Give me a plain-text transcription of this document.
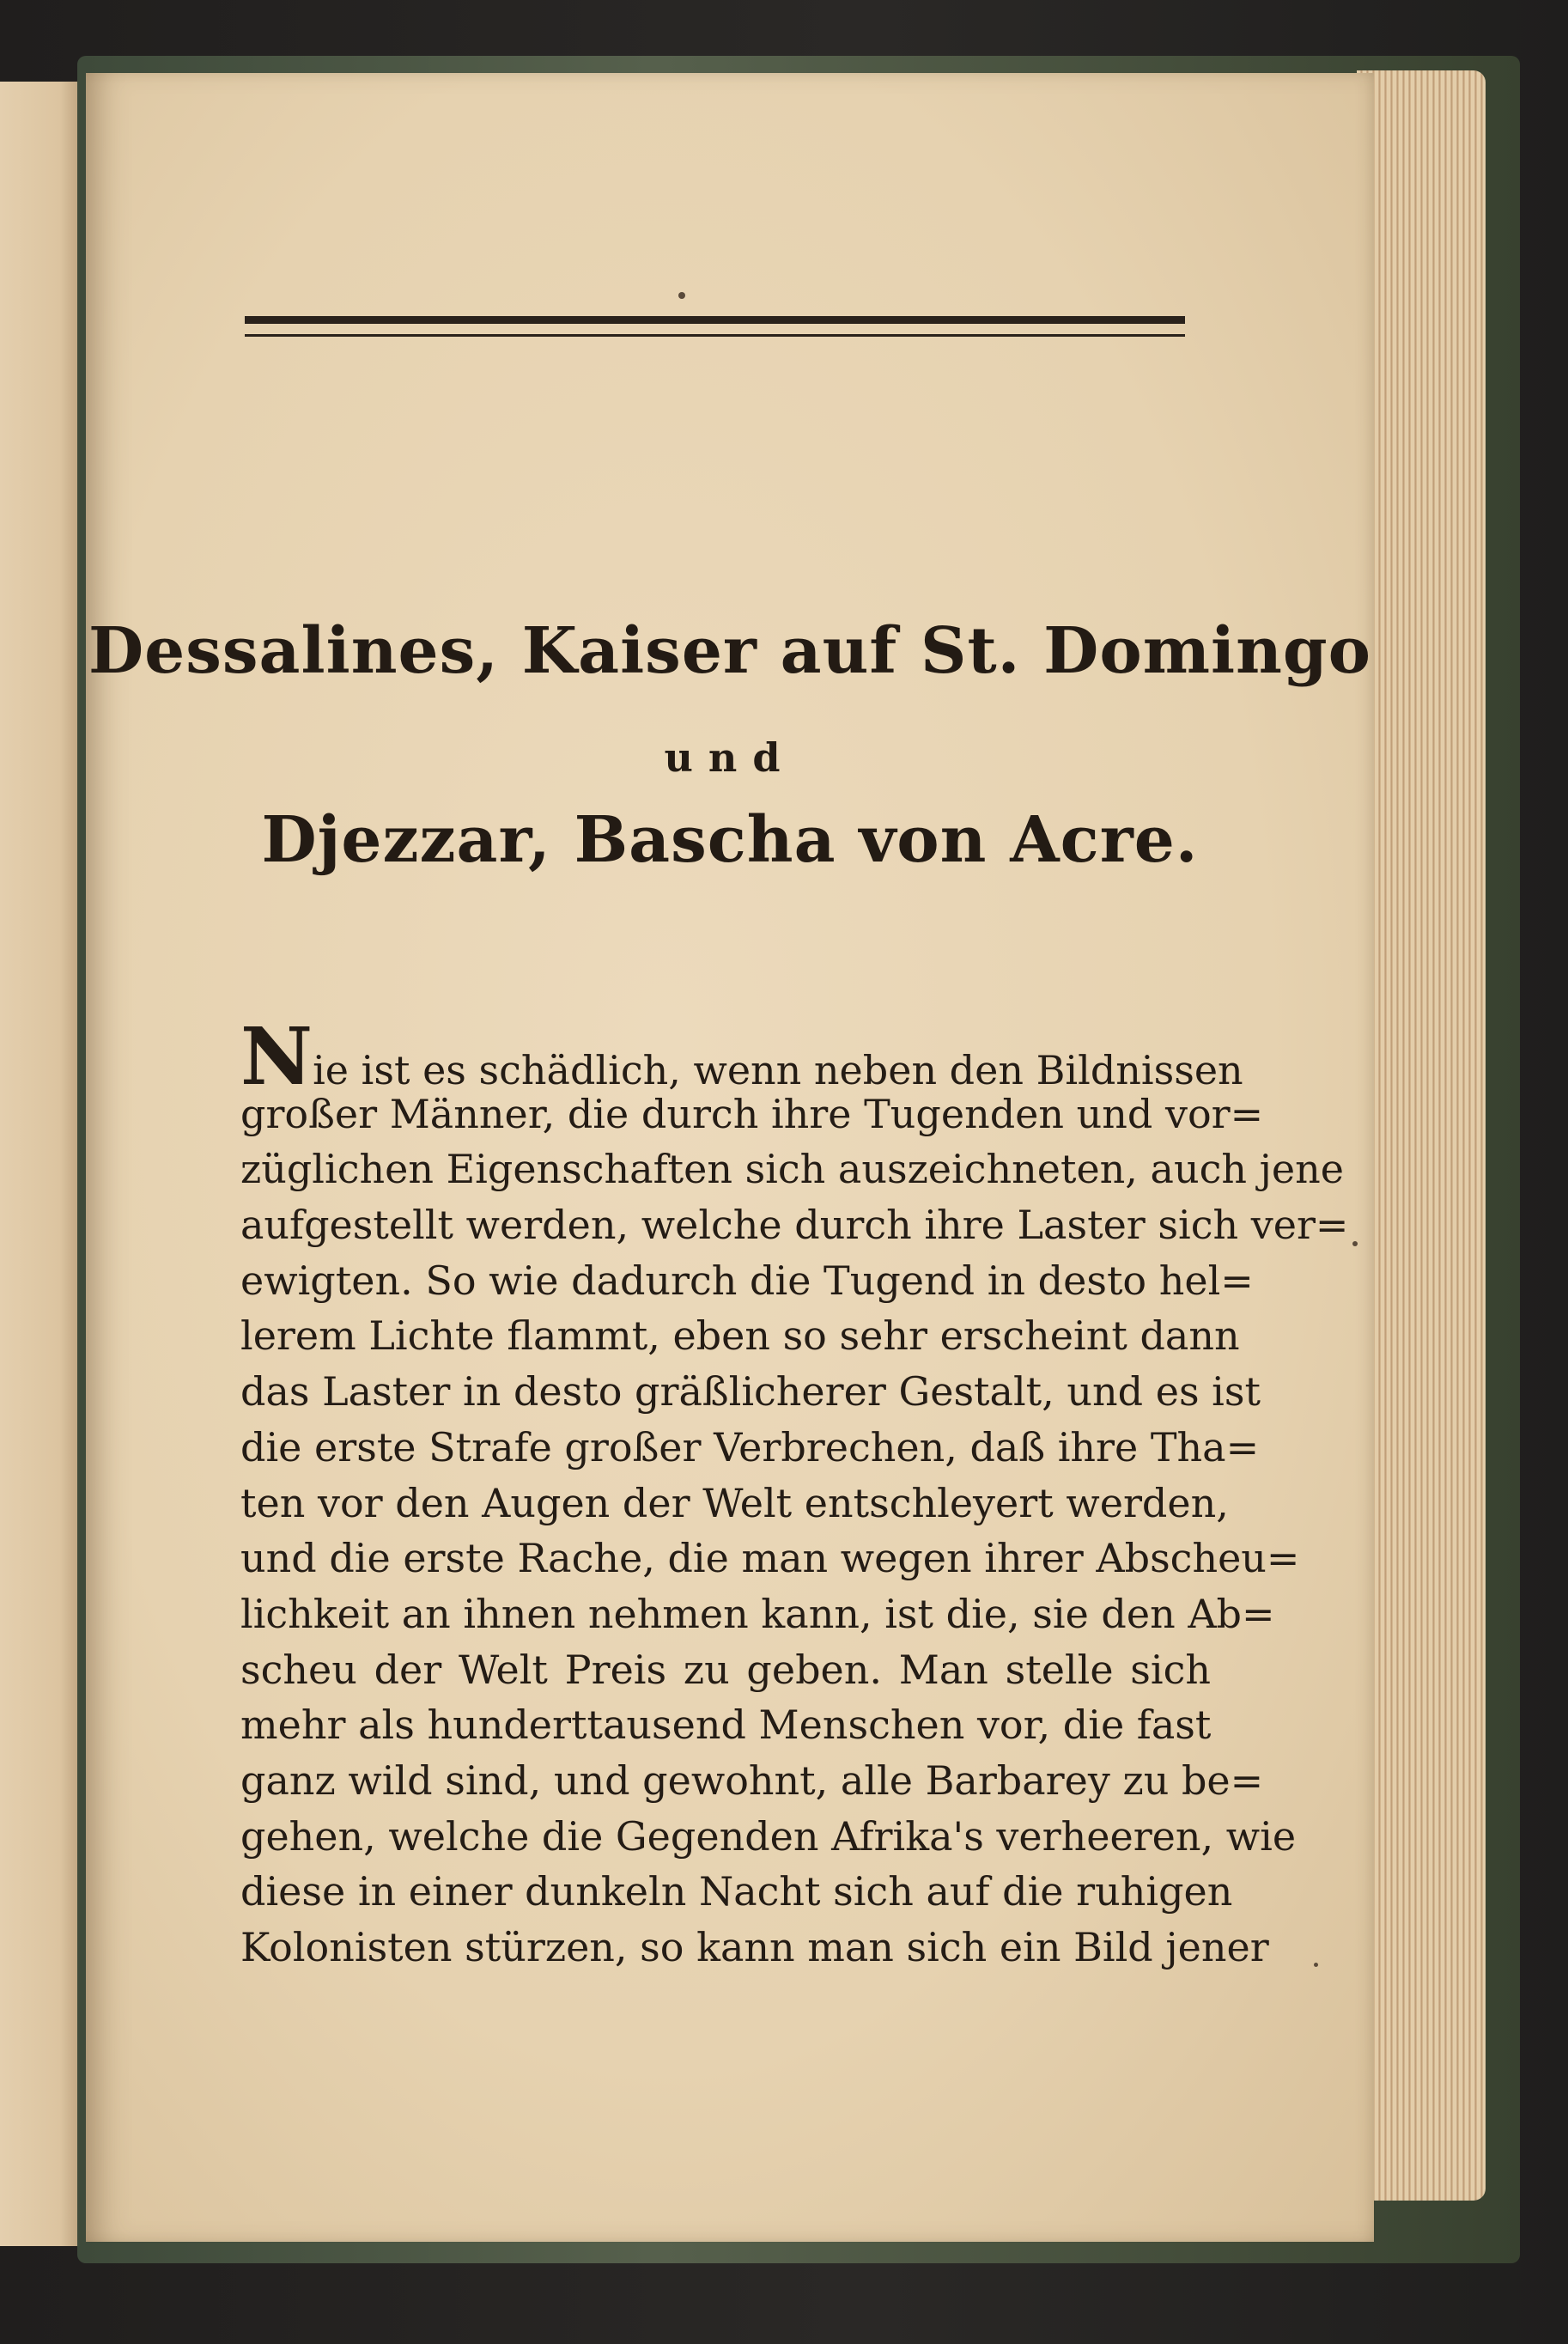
Dessalines, Kaiser auf St. Domingo
und
Djezzar, Bascha von Acre.
Nie ist es schädlich, wenn neben den Bildnissen
großer Männer, die durch ihre Tugenden und vor=
züglichen Eigenschaften sich auszeichneten, auch jene
aufgestellt werden, welche durch ihre Laster sich ver=
ewigten. So wie dadurch die Tugend in desto hel=
lerem Lichte flammt, eben so sehr erscheint dann
das Laster in desto gräßlicherer Gestalt, und es ist
die erste Strafe großer Verbrechen, daß ihre Tha=
ten vor den Augen der Welt entschleyert werden,
und die erste Rache, die man wegen ihrer Abscheu=
lichkeit an ihnen nehmen kann, ist die, sie den Ab=
scheu der Welt Preis zu geben. Man stelle sich
mehr als hunderttausend Menschen vor, die fast
ganz wild sind, und gewohnt, alle Barbarey zu be=
gehen, welche die Gegenden Afrika's verheeren, wie
diese in einer dunkeln Nacht sich auf die ruhigen
Kolonisten stürzen, so kann man sich ein Bild jener
